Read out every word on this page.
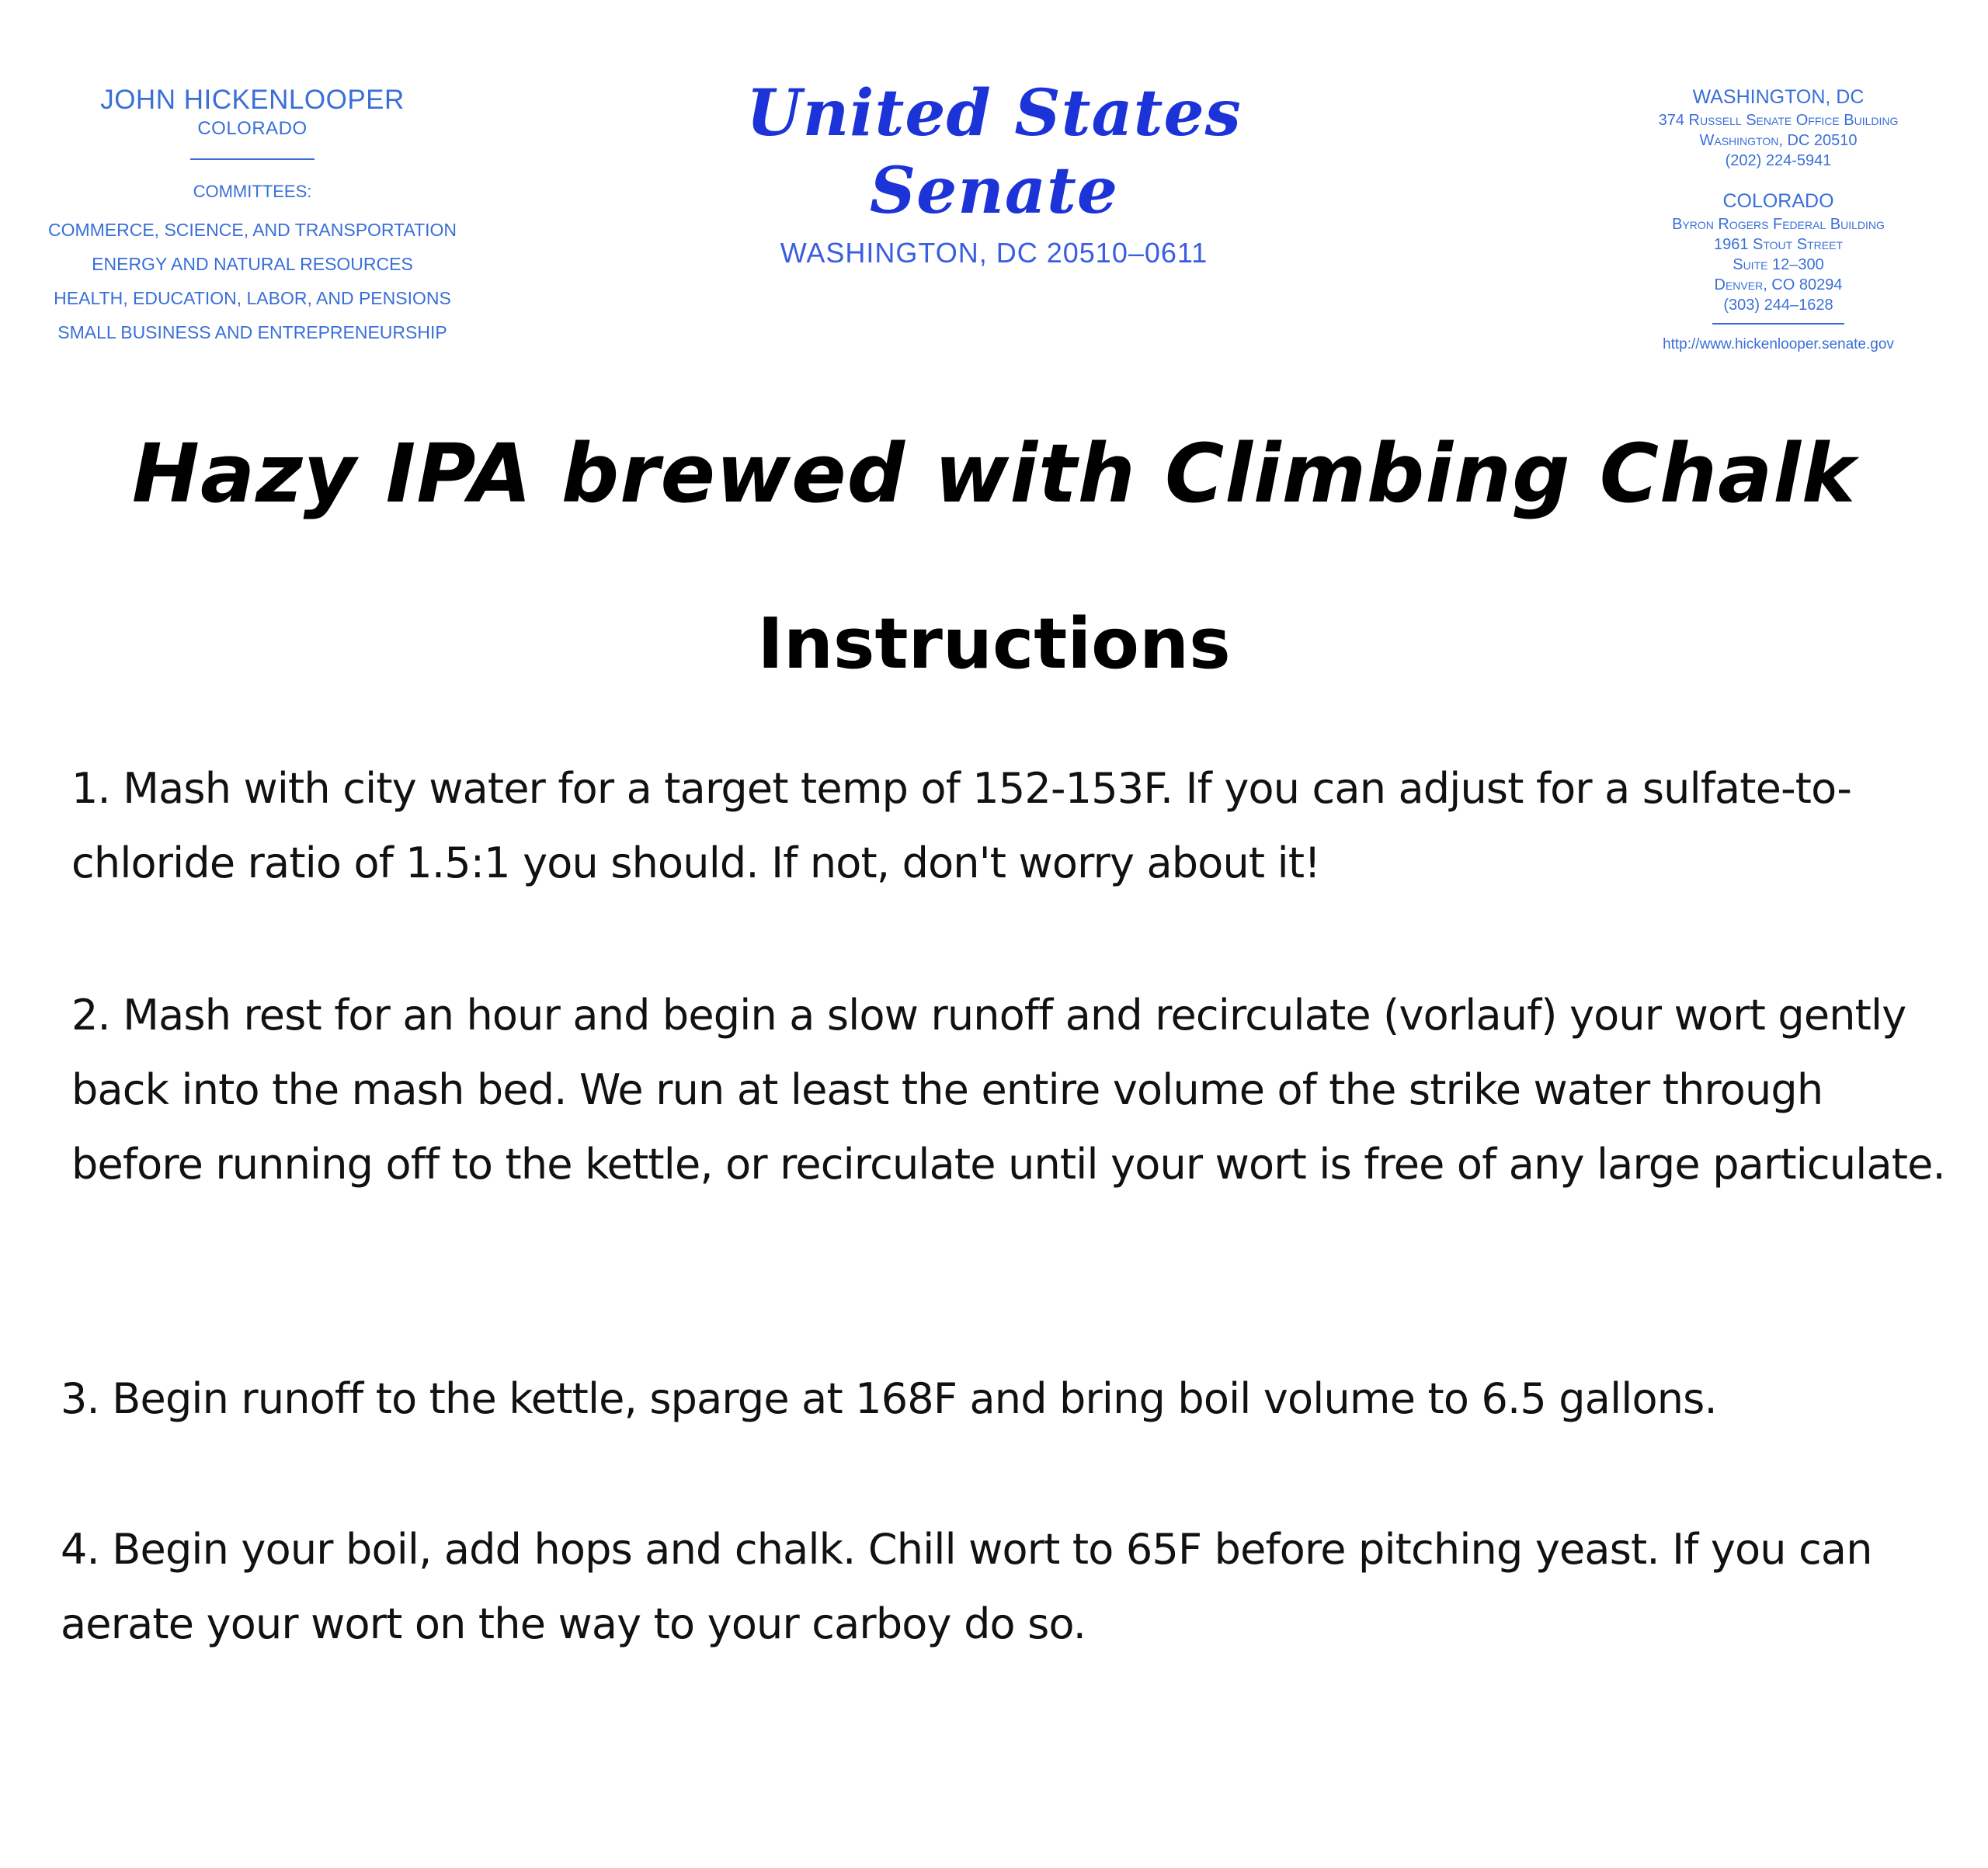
JOHN HICKENLOOPER
COLORADO
COMMITTEES:
COMMERCE, SCIENCE, AND TRANSPORTATION
ENERGY AND NATURAL RESOURCES
HEALTH, EDUCATION, LABOR, AND PENSIONS
SMALL BUSINESS AND ENTREPRENEURSHIP
United States Senate
WASHINGTON, DC 20510–0611
WASHINGTON, DC
374 Russell Senate Office Building
Washington, DC 20510
(202) 224-5941
COLORADO
Byron Rogers Federal Building
1961 Stout Street
Suite 12–300
Denver, CO 80294
(303) 244–1628
http://www.hickenlooper.senate.gov
Hazy IPA brewed with Climbing Chalk
Instructions
1. Mash with city water for a target temp of 152-153F. If you can adjust for a sulfate-to-chloride ratio of 1.5:1 you should. If not, don't worry about it!
2. Mash rest for an hour and begin a slow runoff and recirculate (vorlauf) your wort gently back into the mash bed. We run at least the entire volume of the strike water through before running off to the kettle, or recirculate until your wort is free of any large particulate.
3. Begin runoff to the kettle, sparge at 168F and bring boil volume to 6.5 gallons.
4. Begin your boil, add hops and chalk. Chill wort to 65F before pitching yeast. If you can aerate your wort on the way to your carboy do so.
